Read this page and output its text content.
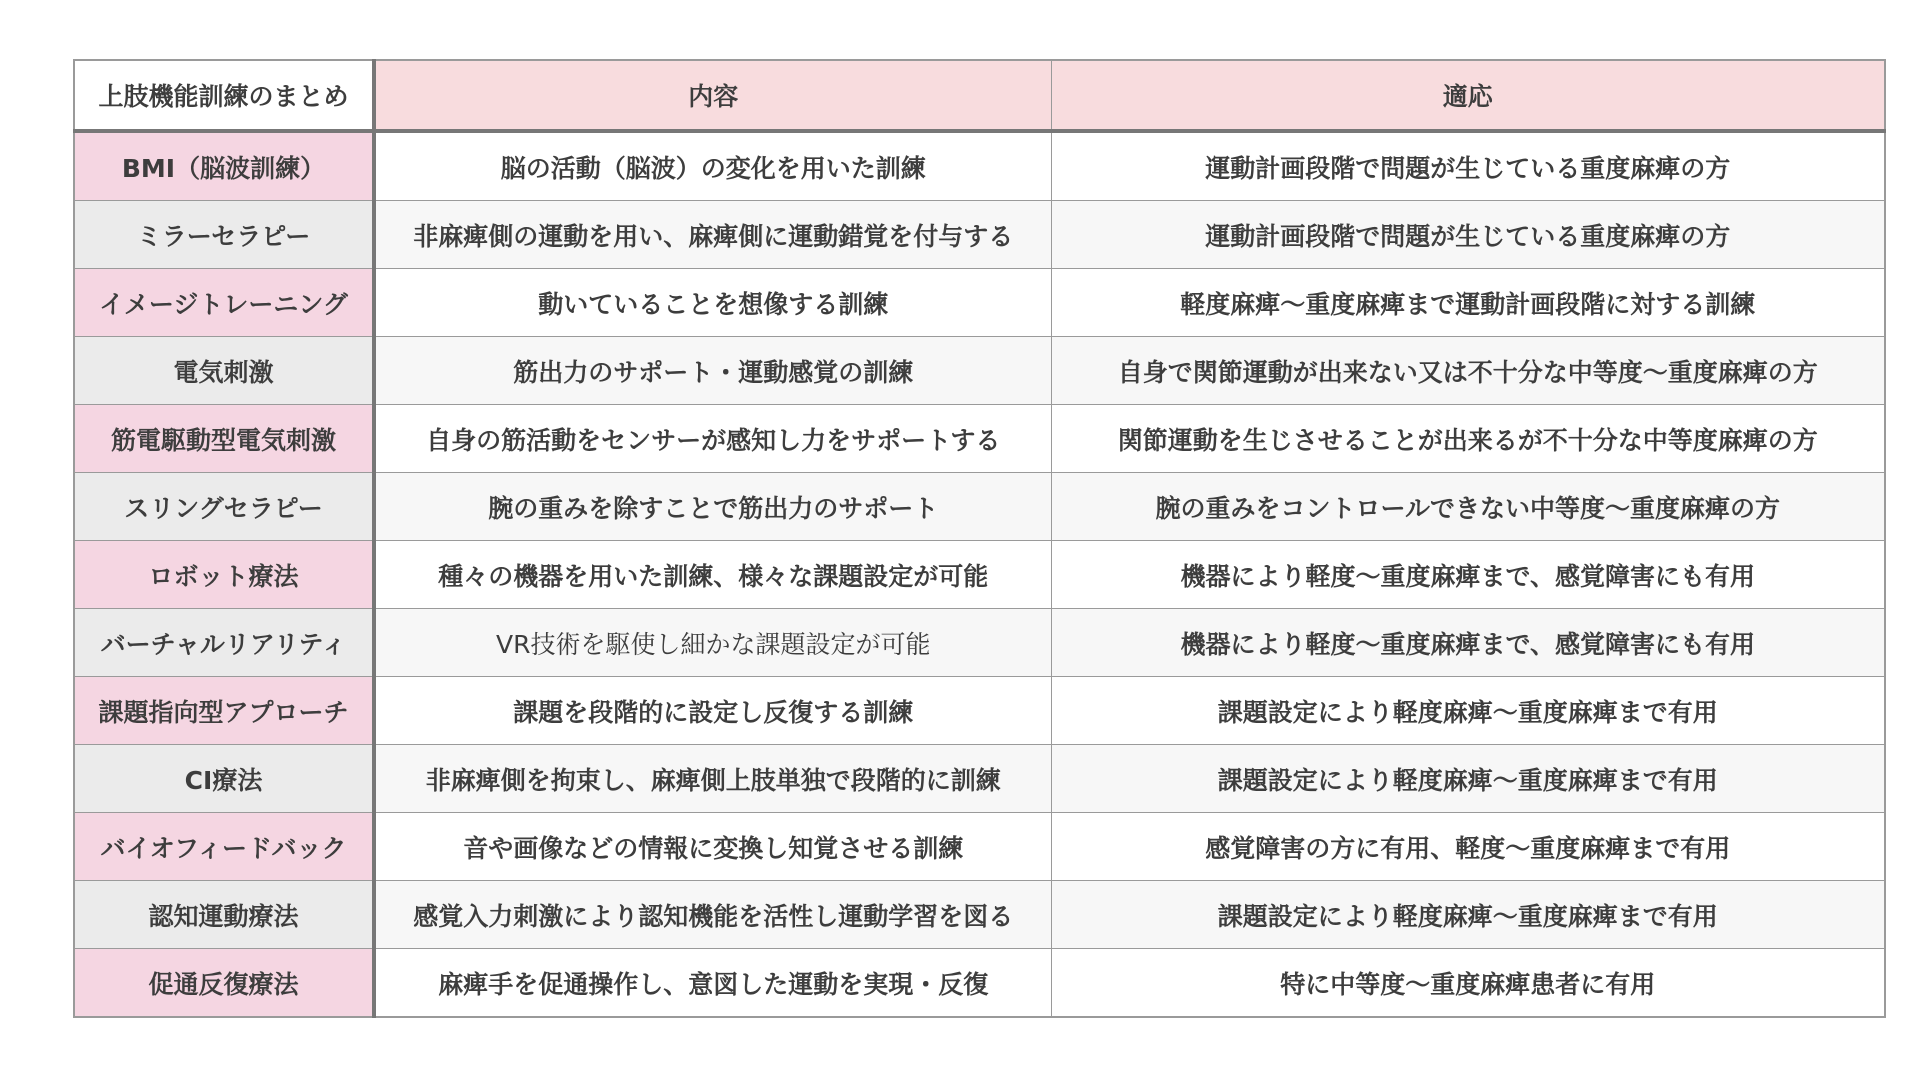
上肢機能訓練のまとめ	内容	適応
BMI（脳波訓練）	脳の活動（脳波）の変化を用いた訓練	運動計画段階で問題が生じている重度麻痺の方
ミラーセラピー	非麻痺側の運動を用い、麻痺側に運動錯覚を付与する	運動計画段階で問題が生じている重度麻痺の方
イメージトレーニング	動いていることを想像する訓練	軽度麻痺〜重度麻痺まで運動計画段階に対する訓練
電気刺激	筋出力のサポート・運動感覚の訓練	自身で関節運動が出来ない又は不十分な中等度〜重度麻痺の方
筋電駆動型電気刺激	自身の筋活動をセンサーが感知し力をサポートする	関節運動を生じさせることが出来るが不十分な中等度麻痺の方
スリングセラピー	腕の重みを除すことで筋出力のサポート	腕の重みをコントロールできない中等度〜重度麻痺の方
ロボット療法	種々の機器を用いた訓練、様々な課題設定が可能	機器により軽度〜重度麻痺まで、感覚障害にも有用
バーチャルリアリティ	VR技術を駆使し細かな課題設定が可能	機器により軽度〜重度麻痺まで、感覚障害にも有用
課題指向型アプローチ	課題を段階的に設定し反復する訓練	課題設定により軽度麻痺〜重度麻痺まで有用
CI療法	非麻痺側を拘束し、麻痺側上肢単独で段階的に訓練	課題設定により軽度麻痺〜重度麻痺まで有用
バイオフィードバック	音や画像などの情報に変換し知覚させる訓練	感覚障害の方に有用、軽度〜重度麻痺まで有用
認知運動療法	感覚入力刺激により認知機能を活性し運動学習を図る	課題設定により軽度麻痺〜重度麻痺まで有用
促通反復療法	麻痺手を促通操作し、意図した運動を実現・反復	特に中等度〜重度麻痺患者に有用
